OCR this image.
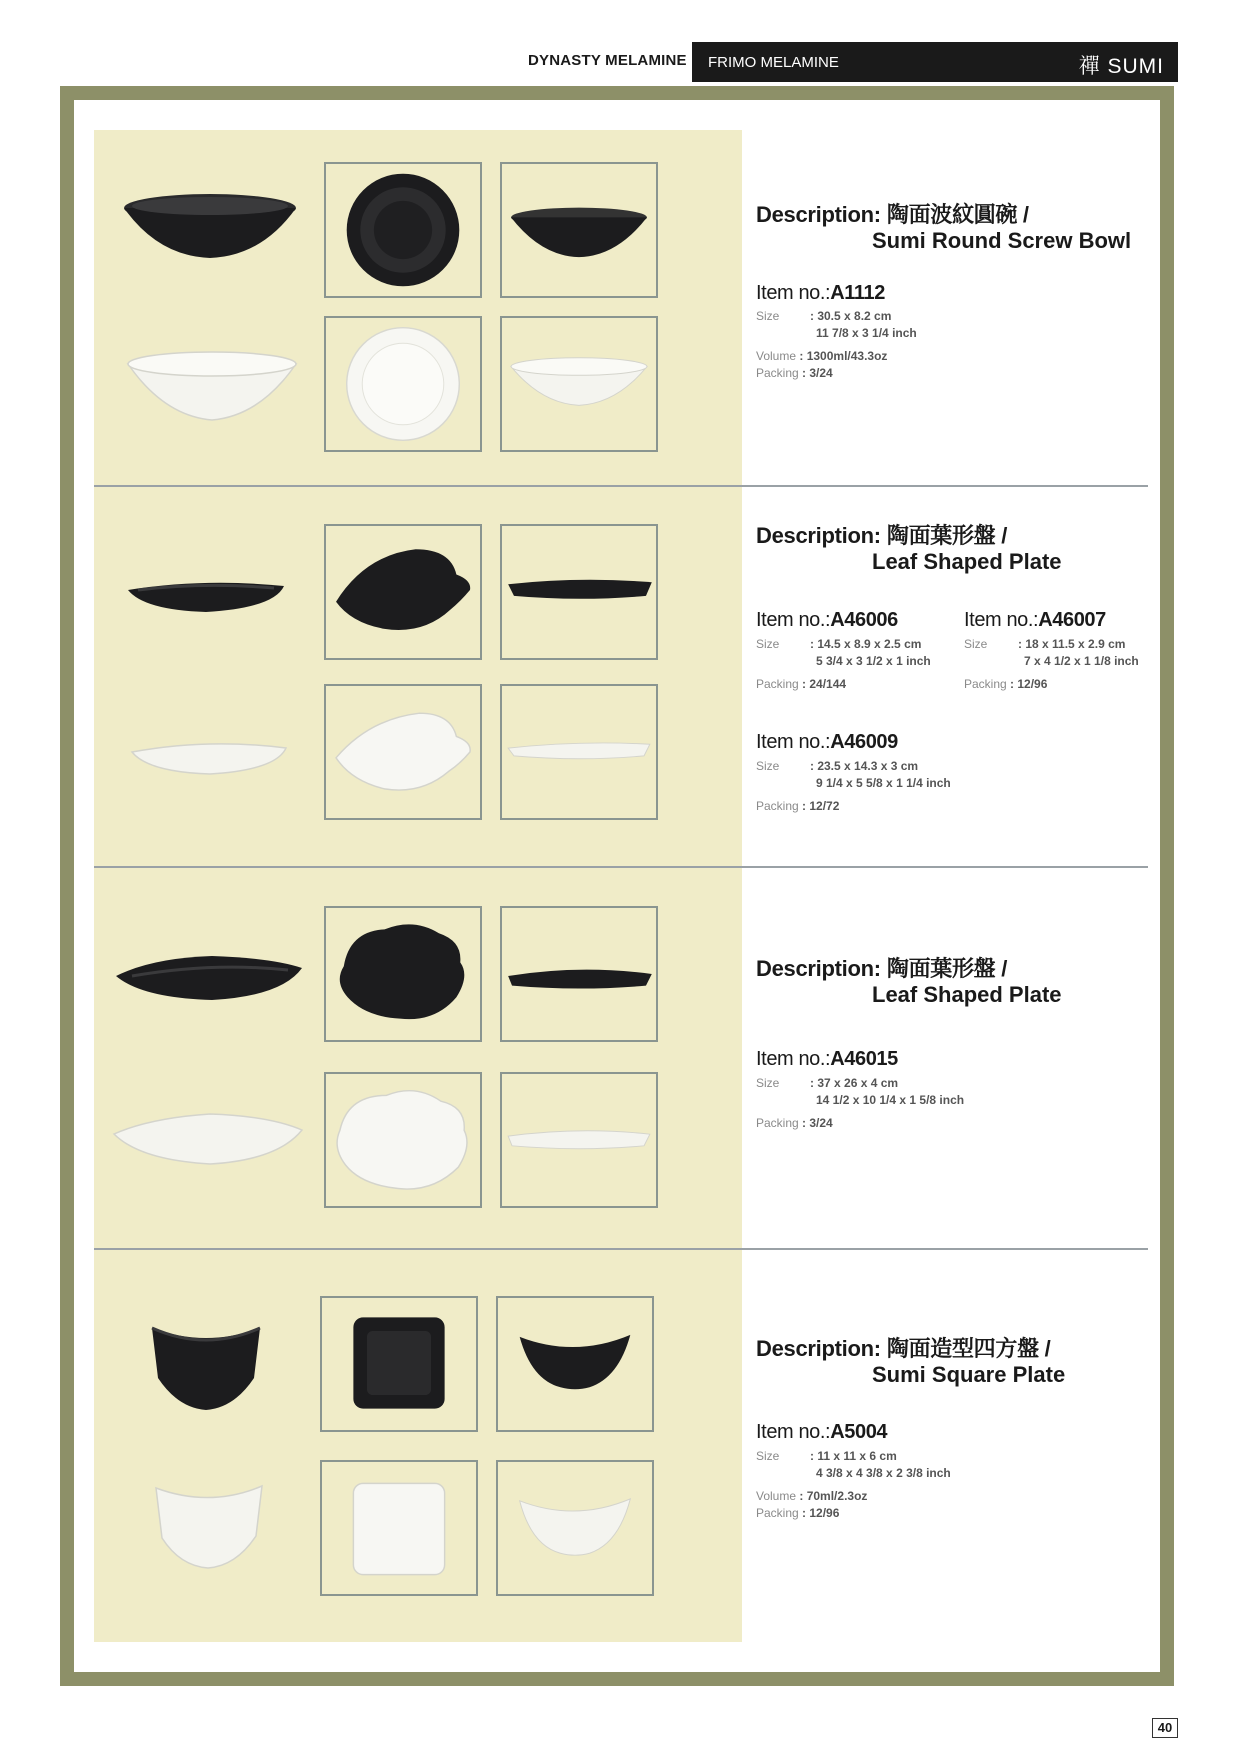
DYNASTY MELAMINE FRIMO MELAMINE	禪 SUMI
Description: 陶面波紋圓碗 /
Sumi Round Screw Bowl
Item no.:A1112
Size	: 30.5 x 8.2 cm
11 7/8 x 3 1/4 inch
Volume : 1300ml/43.3oz
Packing : 3/24
Description: 陶面葉形盤 /
Leaf Shaped Plate
Item no.:A46006
Size	: 14.5 x 8.9 x 2.5 cm
5 3/4 x 3 1/2 x 1 inch
Packing : 24/144
Item no.:A46007
Size	: 18 x 11.5 x 2.9 cm
7 x 4 1/2 x 1 1/8 inch
Packing : 12/96
Item no.:A46009
Size	: 23.5 x 14.3 x 3 cm
9 1/4 x 5 5/8 x 1 1/4 inch
Packing : 12/72
Description: 陶面葉形盤 /
Leaf Shaped Plate
Item no.:A46015
Size	: 37 x 26 x 4 cm
14 1/2 x 10 1/4 x 1 5/8 inch
Packing : 3/24
Description: 陶面造型四方盤 /
Sumi Square Plate
Item no.:A5004
Size	: 11 x 11 x 6 cm
4 3/8 x 4 3/8 x 2 3/8 inch
Volume : 70ml/2.3oz
Packing : 12/96
40
